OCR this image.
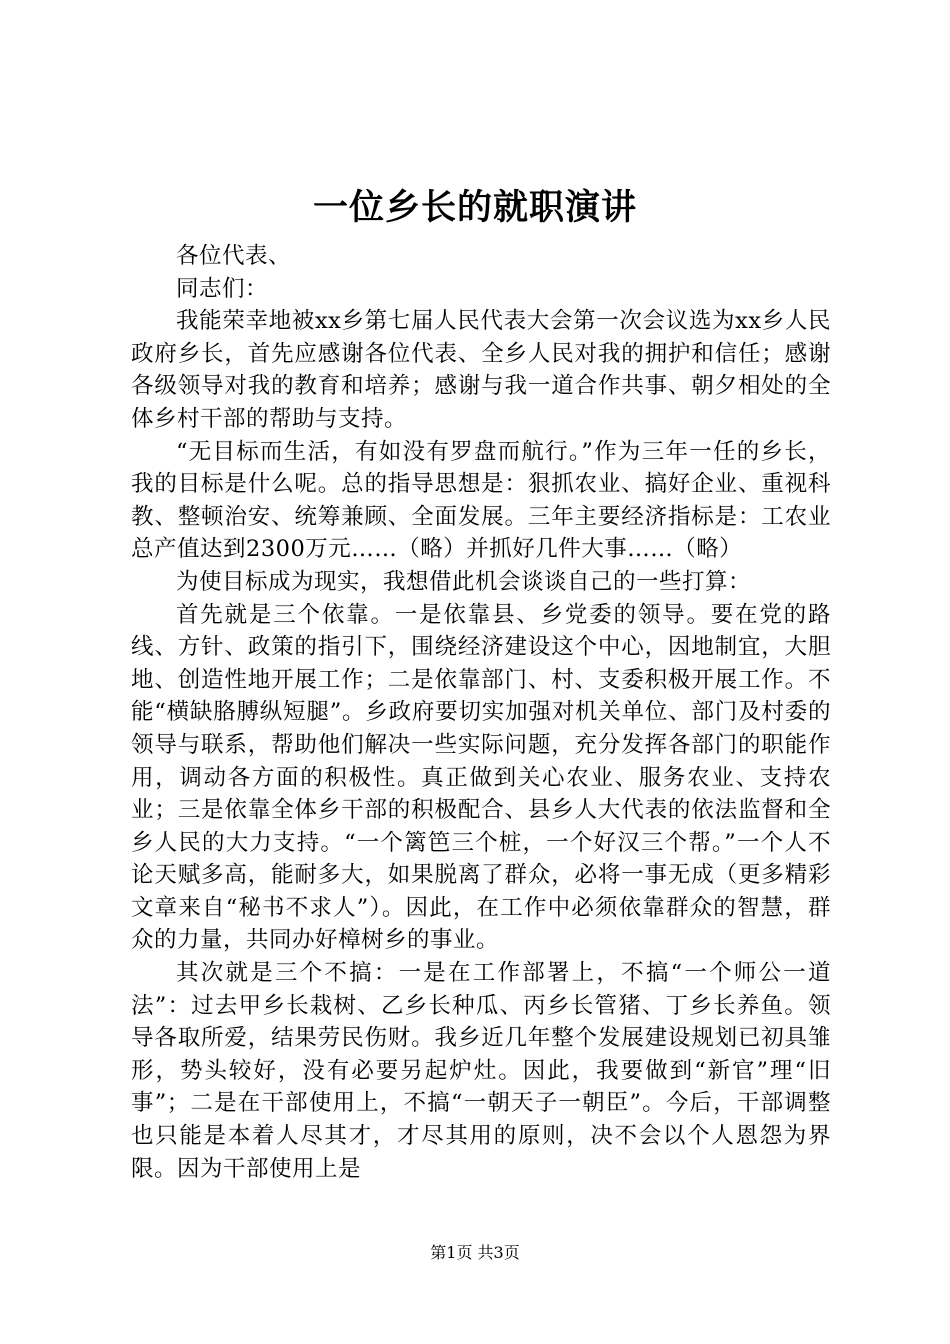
一位乡长的就职演讲

各位代表、

同志们：

我能荣幸地被xx乡第七届人民代表大会第一次会议选为xx乡人民政府乡长，首先应感谢各位代表、全乡人民对我的拥护和信任；感谢各级领导对我的教育和培养；感谢与我一道合作共事、朝夕相处的全体乡村干部的帮助与支持。

“无目标而生活，有如没有罗盘而航行。”作为三年一任的乡长，我的目标是什么呢。总的指导思想是：狠抓农业、搞好企业、重视科教、整顿治安、统筹兼顾、全面发展。三年主要经济指标是：工农业总产值达到2300万元……（略）并抓好几件大事……（略）

为使目标成为现实，我想借此机会谈谈自己的一些打算：

首先就是三个依靠。一是依靠县、乡党委的领导。要在党的路线、方针、政策的指引下，围绕经济建设这个中心，因地制宜，大胆地、创造性地开展工作；二是依靠部门、村、支委积极开展工作。不能“横缺胳膊纵短腿”。乡政府要切实加强对机关单位、部门及村委的领导与联系，帮助他们解决一些实际问题，充分发挥各部门的职能作用，调动各方面的积极性。真正做到关心农业、服务农业、支持农业；三是依靠全体乡干部的积极配合、县乡人大代表的依法监督和全乡人民的大力支持。“一个篱笆三个桩，一个好汉三个帮。”一个人不论天赋多高，能耐多大，如果脱离了群众，必将一事无成（更多精彩文章来自“秘书不求人”）。因此，在工作中必须依靠群众的智慧，群众的力量，共同办好樟树乡的事业。

其次就是三个不搞：一是在工作部署上，不搞“一个师公一道法”：过去甲乡长栽树、乙乡长种瓜、丙乡长管猪、丁乡长养鱼。领导各取所爱，结果劳民伤财。我乡近几年整个发展建设规划已初具雏形，势头较好，没有必要另起炉灶。因此，我要做到“新官”理“旧事”；二是在干部使用上，不搞“一朝天子一朝臣”。今后，干部调整也只能是本着人尽其才，才尽其用的原则，决不会以个人恩怨为界限。因为干部使用上是

第1页 共3页
